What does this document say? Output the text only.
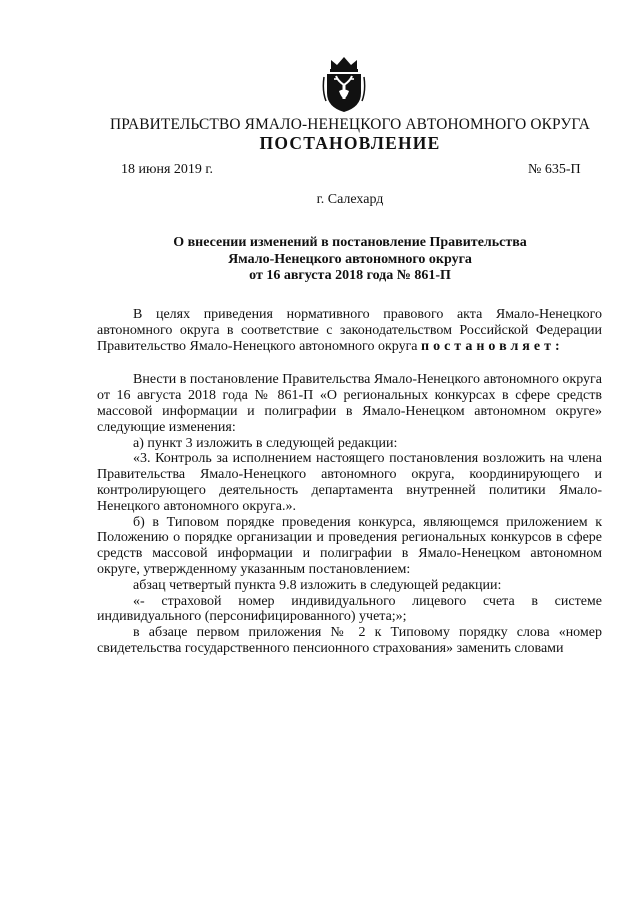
ПРАВИТЕЛЬСТВО ЯМАЛО-НЕНЕЦКОГО АВТОНОМНОГО ОКРУГА
ПОСТАНОВЛЕНИЕ
18 июня 2019 г.	№ 635-П
г. Салехард
О внесении изменений в постановление Правительства
Ямало-Ненецкого автономного округа
от 16 августа 2018 года № 861-П

В целях приведения нормативного правового акта Ямало-Ненецкого автономного округа в соответствие с законодательством Российской Федерации Правительство Ямало-Ненецкого автономного округа постановляет:

Внести в постановление Правительства Ямало-Ненецкого автономного округа от 16 августа 2018 года № 861-П «О региональных конкурсах в сфере средств массовой информации и полиграфии в Ямало-Ненецком автономном округе» следующие изменения:

а) пункт 3 изложить в следующей редакции:

«3. Контроль за исполнением настоящего постановления возложить на члена Правительства Ямало-Ненецкого автономного округа, координирующего и контролирующего деятельность департамента внутренней политики Ямало-Ненецкого автономного округа.».

б) в Типовом порядке проведения конкурса, являющемся приложением к Положению о порядке организации и проведения региональных конкурсов в сфере средств массовой информации и полиграфии в Ямало-Ненецком автономном округе, утвержденному указанным постановлением:

абзац четвертый пункта 9.8 изложить в следующей редакции:

«- страховой номер индивидуального лицевого счета в системе индивидуального (персонифицированного) учета;»;

в абзаце первом приложения № 2 к Типовому порядку слова «номер свидетельства государственного пенсионного страхования» заменить словами
